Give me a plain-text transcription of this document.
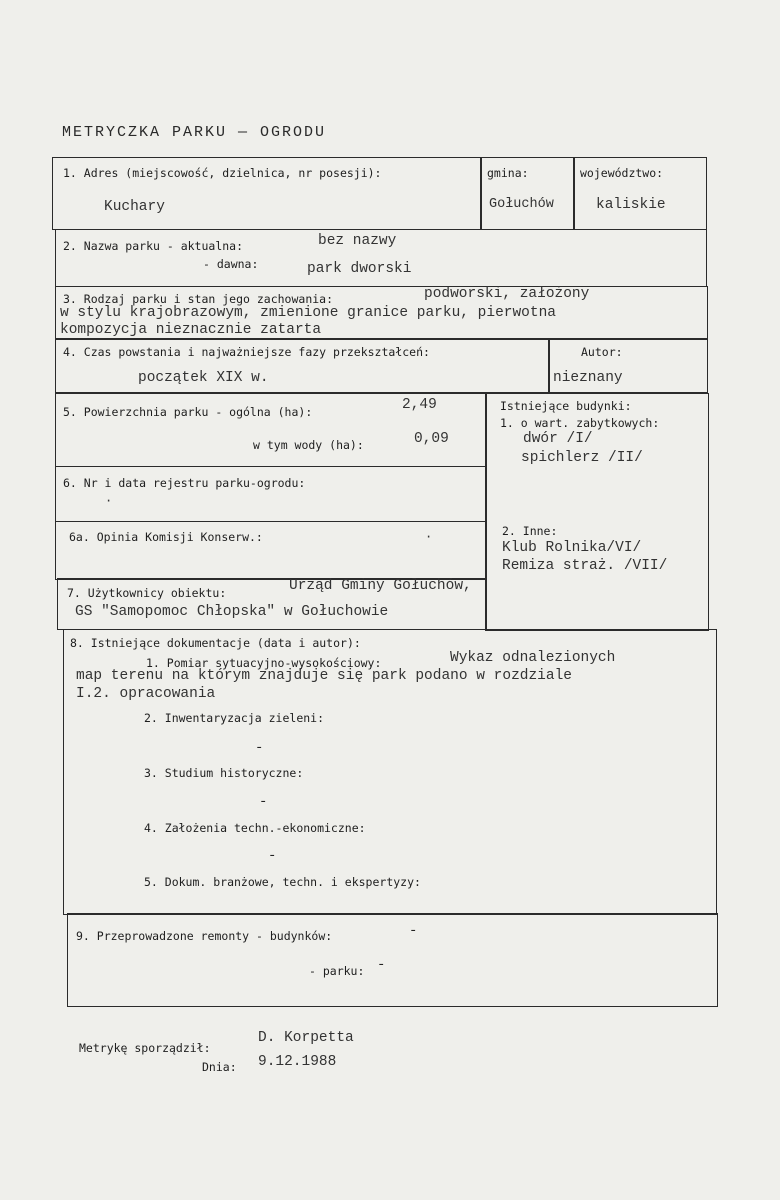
METRYCZKA PARKU — OGRODU
1. Adres (miejscowość, dzielnica, nr posesji):
Kuchary
gmina:
Gołuchów
województwo:
kaliskie
2. Nazwa parku - aktualna:	bez nazwy
- dawna:	park dworski
3. Rodzaj parku i stan jego zachowania:	podworski, założony
w stylu krajobrazowym, zmienione granice parku, pierwotna
kompozycja nieznacznie zatarta
4. Czas powstania i najważniejsze fazy przekształceń:
początek XIX w.
Autor:
nieznany
5. Powierzchnia parku - ogólna (ha):	2,49
w tym wody (ha):	0,09
Istniejące budynki:
1. o wart. zabytkowych:
dwór /I/
spichlerz /II/
2. Inne:
Klub Rolnika/VI/
Remiza straż. /VII/
6. Nr i data rejestru parku-ogrodu:
·
6a. Opinia Komisji Konserw.:	·
7. Użytkownicy obiektu:	Urząd Gminy Gołuchów,
GS "Samopomoc Chłopska" w Gołuchowie
8. Istniejące dokumentacje (data i autor):
1. Pomiar sytuacyjno-wysokościowy:	Wykaz odnalezionych
map terenu na którym znajduje się park podano w rozdziale
I.2. opracowania
2. Inwentaryzacja zieleni:
-
3. Studium historyczne:
-
4. Założenia techn.-ekonomiczne:
-
5. Dokum. branżowe, techn. i ekspertyzy:
9. Przeprowadzone remonty - budynków:	-
- parku: -
Metrykę sporządził:
D. Korpetta
Dnia: 9.12.1988
